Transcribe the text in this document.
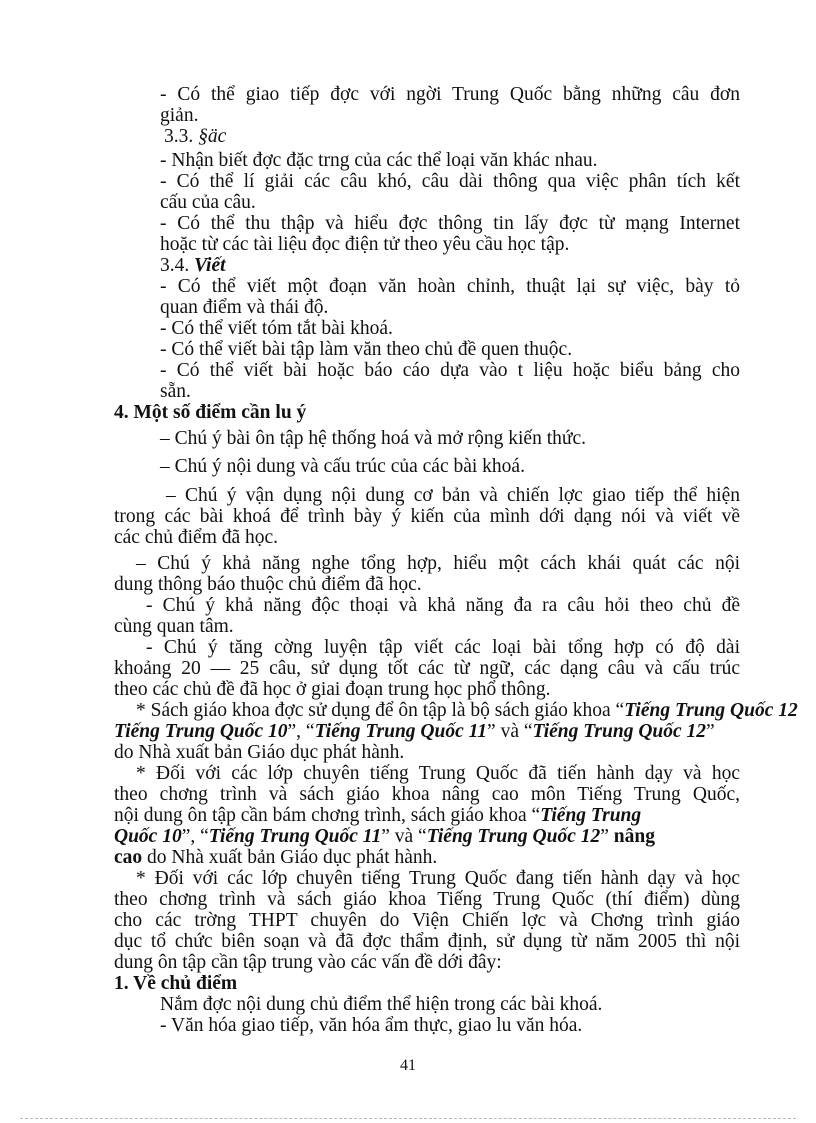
- Có thể giao tiếp đợc với ngời Trung Quốc bằng những câu đơn
giản.
3.3. §äc
- Nhận biết đợc đặc trng của các thể loại văn khác nhau.
- Có thể lí giải các câu khó, câu dài thông qua việc phân tích kết
cấu của câu.
- Có thể thu thập và hiểu đợc thông tin lấy đợc từ mạng Internet
hoặc từ các tài liệu đọc điện tử theo yêu cầu học tập.
3.4. Viết
- Có thể viết một đoạn văn hoàn chỉnh, thuật lại sự việc, bày tỏ
quan điểm và thái độ.
- Có thể viết tóm tắt bài khoá.
- Có thể viết bài tập làm văn theo chủ đề quen thuộc.
- Có thể viết bài hoặc báo cáo dựa vào t liệu hoặc biểu bảng cho
sẵn.
4. Một số điểm cần lu ý
– Chú ý bài ôn tập hệ thống hoá và mở rộng kiến thức.
– Chú ý nội dung và cấu trúc của các bài khoá.
– Chú ý vận dụng nội dung cơ bản và chiến lợc giao tiếp thể hiện
trong các bài khoá để trình bày ý kiến của mình dới dạng nói và viết về
các chủ điểm đã học.
– Chú ý khả năng nghe tổng hợp, hiểu một cách khái quát các nội
dung thông báo thuộc chủ điểm đã học.
- Chú ý khả năng độc thoại và khả năng đa ra câu hỏi theo chủ đề
cùng quan tâm.
- Chú ý tăng cờng luyện tập viết các loại bài tổng hợp có độ dài
khoảng 20 — 25 câu, sử dụng tốt các từ ngữ, các dạng câu và cấu trúc
theo các chủ đề đã học ở giai đoạn trung học phổ thông.
* Sách giáo khoa đợc sử dụng để ôn tập là bộ sách giáo khoa “Tiếng Trung Quốc 12
Tiếng Trung Quốc 10”, “Tiếng Trung Quốc 11” và “Tiếng Trung Quốc 12”
do Nhà xuất bản Giáo dục phát hành.
* Đối với các lớp chuyên tiếng Trung Quốc đã tiến hành dạy và học
theo chơng trình và sách giáo khoa nâng cao môn Tiếng Trung Quốc,
nội dung ôn tập cần bám chơng trình, sách giáo khoa “Tiếng Trung
Quốc 10”, “Tiếng Trung Quốc 11” và “Tiếng Trung Quốc 12” nâng
cao do Nhà xuất bản Giáo dục phát hành.
* Đối với các lớp chuyên tiếng Trung Quốc đang tiến hành dạy và học
theo chơng trình và sách giáo khoa Tiếng Trung Quốc (thí điểm) dùng
cho các trờng THPT chuyên do Viện Chiến lợc và Chơng trình giáo
dục tổ chức biên soạn và đã đợc thẩm định, sử dụng từ năm 2005 thì nội
dung ôn tập cần tập trung vào các vấn đề dới đây:
1. Về chủ điểm
Nắm đợc nội dung chủ điểm thể hiện trong các bài khoá.
- Văn hóa giao tiếp, văn hóa ẩm thực, giao lu văn hóa.
41
